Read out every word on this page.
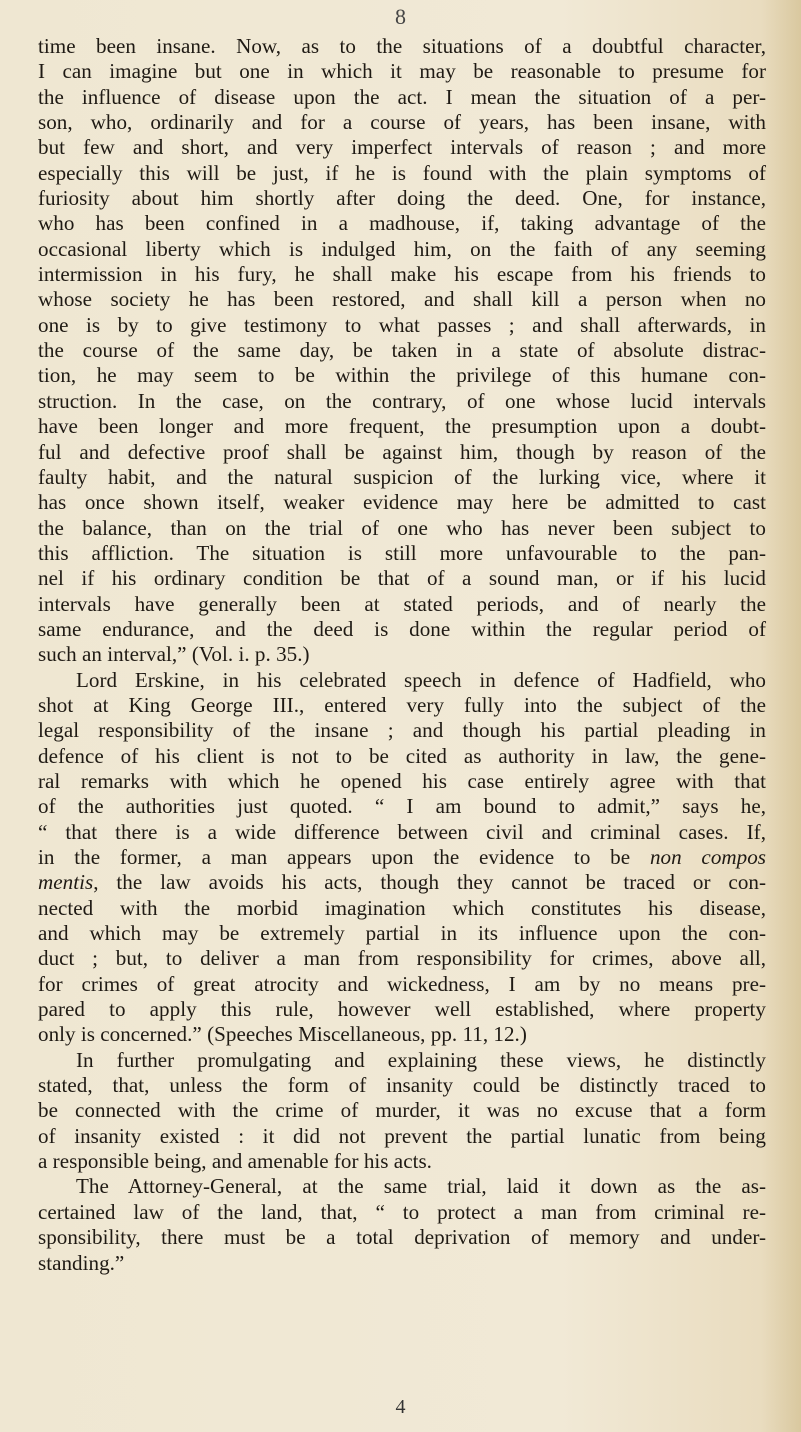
8
time been insane. Now, as to the situations of a doubtful character,
I can imagine but one in which it may be reasonable to presume for
the influence of disease upon the act. I mean the situation of a per-
son, who, ordinarily and for a course of years, has been insane, with
but few and short, and very imperfect intervals of reason ; and more
especially this will be just, if he is found with the plain symptoms of
furiosity about him shortly after doing the deed. One, for instance,
who has been confined in a madhouse, if, taking advantage of the
occasional liberty which is indulged him, on the faith of any seeming
intermission in his fury, he shall make his escape from his friends to
whose society he has been restored, and shall kill a person when no
one is by to give testimony to what passes ; and shall afterwards, in
the course of the same day, be taken in a state of absolute distrac-
tion, he may seem to be within the privilege of this humane con-
struction. In the case, on the contrary, of one whose lucid intervals
have been longer and more frequent, the presumption upon a doubt-
ful and defective proof shall be against him, though by reason of the
faulty habit, and the natural suspicion of the lurking vice, where it
has once shown itself, weaker evidence may here be admitted to cast
the balance, than on the trial of one who has never been subject to
this affliction. The situation is still more unfavourable to the pan-
nel if his ordinary condition be that of a sound man, or if his lucid
intervals have generally been at stated periods, and of nearly the
same endurance, and the deed is done within the regular period of
such an interval,” (Vol. i. p. 35.)
Lord Erskine, in his celebrated speech in defence of Hadfield, who
shot at King George III., entered very fully into the subject of the
legal responsibility of the insane ; and though his partial pleading in
defence of his client is not to be cited as authority in law, the gene-
ral remarks with which he opened his case entirely agree with that
of the authorities just quoted. “ I am bound to admit,” says he,
“ that there is a wide difference between civil and criminal cases. If,
in the former, a man appears upon the evidence to be non compos
mentis, the law avoids his acts, though they cannot be traced or con-
nected with the morbid imagination which constitutes his disease,
and which may be extremely partial in its influence upon the con-
duct ; but, to deliver a man from responsibility for crimes, above all,
for crimes of great atrocity and wickedness, I am by no means pre-
pared to apply this rule, however well established, where property
only is concerned.” (Speeches Miscellaneous, pp. 11, 12.)
In further promulgating and explaining these views, he distinctly
stated, that, unless the form of insanity could be distinctly traced to
be connected with the crime of murder, it was no excuse that a form
of insanity existed : it did not prevent the partial lunatic from being
a responsible being, and amenable for his acts.
The Attorney-General, at the same trial, laid it down as the as-
certained law of the land, that, “ to protect a man from criminal re-
sponsibility, there must be a total deprivation of memory and under-
standing.”
4
